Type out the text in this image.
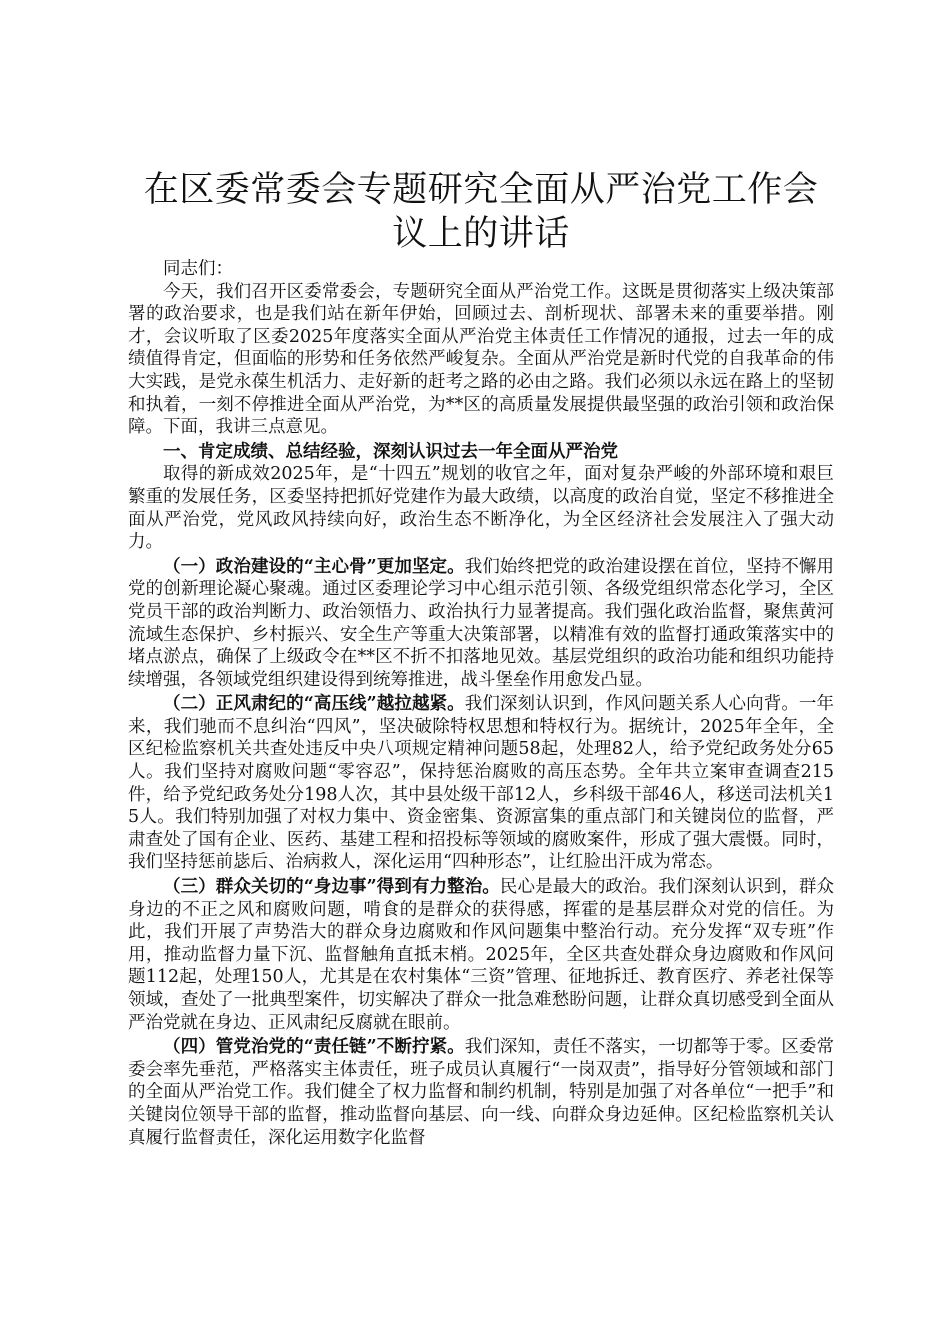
在区委常委会专题研究全面从严治党工作会议上的讲话

同志们：

今天，我们召开区委常委会，专题研究全面从严治党工作。这既是贯彻落实上级决策部署的政治要求，也是我们站在新年伊始，回顾过去、剖析现状、部署未来的重要举措。刚才，会议听取了区委2025年度落实全面从严治党主体责任工作情况的通报，过去一年的成绩值得肯定，但面临的形势和任务依然严峻复杂。全面从严治党是新时代党的自我革命的伟大实践，是党永葆生机活力、走好新的赶考之路的必由之路。我们必须以永远在路上的坚韧和执着，一刻不停推进全面从严治党，为**区的高质量发展提供最坚强的政治引领和政治保障。下面，我讲三点意见。

一、肯定成绩、总结经验，深刻认识过去一年全面从严治党

取得的新成效2025年，是“十四五”规划的收官之年，面对复杂严峻的外部环境和艰巨繁重的发展任务，区委坚持把抓好党建作为最大政绩，以高度的政治自觉，坚定不移推进全面从严治党，党风政风持续向好，政治生态不断净化，为全区经济社会发展注入了强大动力。

（一）政治建设的“主心骨”更加坚定。我们始终把党的政治建设摆在首位，坚持不懈用党的创新理论凝心聚魂。通过区委理论学习中心组示范引领、各级党组织常态化学习，全区党员干部的政治判断力、政治领悟力、政治执行力显著提高。我们强化政治监督，聚焦黄河流域生态保护、乡村振兴、安全生产等重大决策部署，以精准有效的监督打通政策落实中的堵点淤点，确保了上级政令在**区不折不扣落地见效。基层党组织的政治功能和组织功能持续增强，各领域党组织建设得到统筹推进，战斗堡垒作用愈发凸显。

（二）正风肃纪的“高压线”越拉越紧。我们深刻认识到，作风问题关系人心向背。一年来，我们驰而不息纠治“四风”，坚决破除特权思想和特权行为。据统计，2025年全年，全区纪检监察机关共查处违反中央八项规定精神问题58起，处理82人，给予党纪政务处分65人。我们坚持对腐败问题“零容忍”，保持惩治腐败的高压态势。全年共立案审查调查215件，给予党纪政务处分198人次，其中县处级干部12人，乡科级干部46人，移送司法机关15人。我们特别加强了对权力集中、资金密集、资源富集的重点部门和关键岗位的监督，严肃查处了国有企业、医药、基建工程和招投标等领域的腐败案件，形成了强大震慑。同时，我们坚持惩前毖后、治病救人，深化运用“四种形态”，让红脸出汗成为常态。

（三）群众关切的“身边事”得到有力整治。民心是最大的政治。我们深刻认识到，群众身边的不正之风和腐败问题，啃食的是群众的获得感，挥霍的是基层群众对党的信任。为此，我们开展了声势浩大的群众身边腐败和作风问题集中整治行动。充分发挥“双专班”作用，推动监督力量下沉、监督触角直抵末梢。2025年，全区共查处群众身边腐败和作风问题112起，处理150人，尤其是在农村集体“三资”管理、征地拆迁、教育医疗、养老社保等领域，查处了一批典型案件，切实解决了群众一批急难愁盼问题，让群众真切感受到全面从严治党就在身边、正风肃纪反腐就在眼前。

（四）管党治党的“责任链”不断拧紧。我们深知，责任不落实，一切都等于零。区委常委会率先垂范，严格落实主体责任，班子成员认真履行“一岗双责”，指导好分管领域和部门的全面从严治党工作。我们健全了权力监督和制约机制，特别是加强了对各单位“一把手”和关键岗位领导干部的监督，推动监督向基层、向一线、向群众身边延伸。区纪检监察机关认真履行监督责任，深化运用数字化监督
